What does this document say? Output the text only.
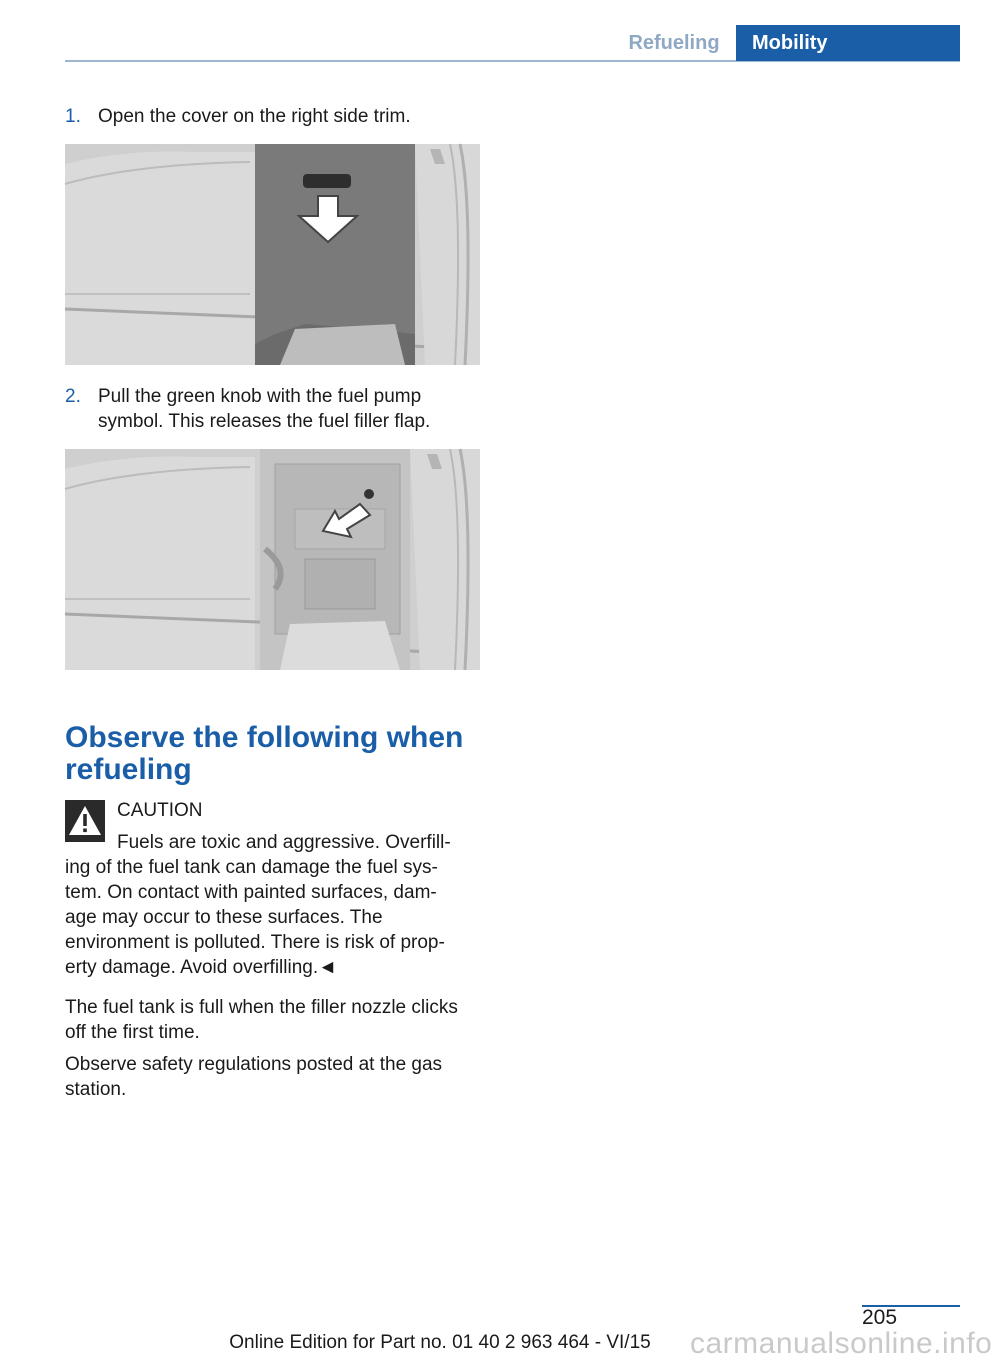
Refueling	Mobility
1. Open the cover on the right side trim.
2. Pull the green knob with the fuel pump
symbol. This releases the fuel filler flap.
Observe the following when
refueling
CAUTION
Fuels are toxic and aggressive. Overfill-
ing of the fuel tank can damage the fuel sys-
tem. On contact with painted surfaces, dam-
age may occur to these surfaces. The
environment is polluted. There is risk of prop-
erty damage. Avoid overfilling.◄
The fuel tank is full when the filler nozzle clicks
off the first time.
Observe safety regulations posted at the gas
station.
205
Online Edition for Part no. 01 40 2 963 464 - VI/15	carmanualsonline.info
